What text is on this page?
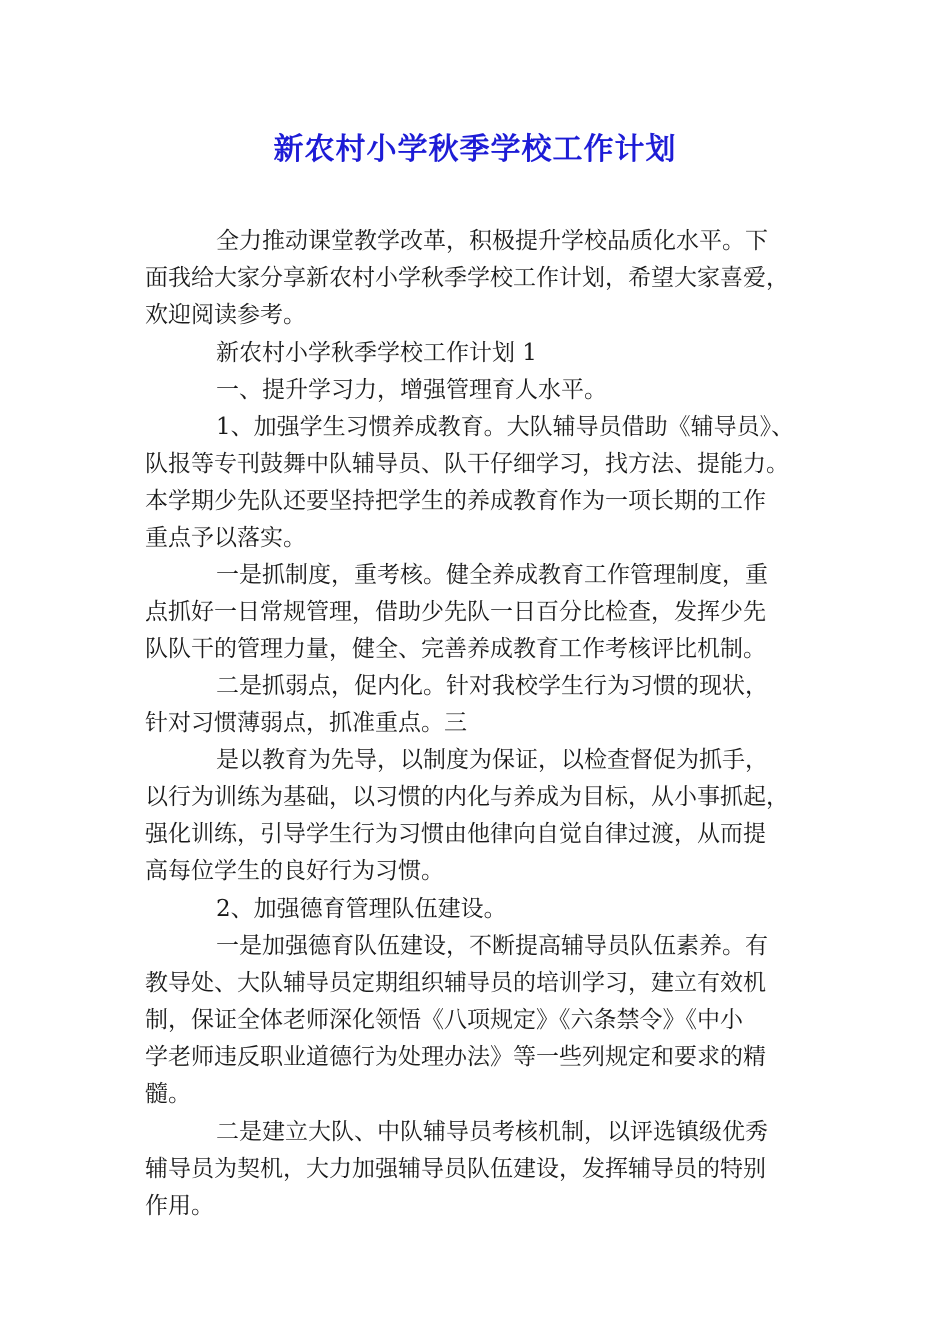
新农村小学秋季学校工作计划
全力推动课堂教学改革，积极提升学校品质化水平。下
面我给大家分享新农村小学秋季学校工作计划，希望大家喜爱，
欢迎阅读参考。
新农村小学秋季学校工作计划 1
一、提升学习力，增强管理育人水平。
1、加强学生习惯养成教育。大队辅导员借助《辅导员》、
队报等专刊鼓舞中队辅导员、队干仔细学习，找方法、提能力。
本学期少先队还要坚持把学生的养成教育作为一项长期的工作
重点予以落实。
一是抓制度，重考核。健全养成教育工作管理制度，重
点抓好一日常规管理，借助少先队一日百分比检查，发挥少先
队队干的管理力量，健全、完善养成教育工作考核评比机制。
二是抓弱点，促内化。针对我校学生行为习惯的现状，
针对习惯薄弱点，抓准重点。三
是以教育为先导，以制度为保证，以检查督促为抓手，
以行为训练为基础，以习惯的内化与养成为目标，从小事抓起，
强化训练，引导学生行为习惯由他律向自觉自律过渡，从而提
高每位学生的良好行为习惯。
2、加强德育管理队伍建设。
一是加强德育队伍建设，不断提高辅导员队伍素养。有
教导处、大队辅导员定期组织辅导员的培训学习，建立有效机
制，保证全体老师深化领悟《八项规定》《六条禁令》《中小
学老师违反职业道德行为处理办法》等一些列规定和要求的精
髓。
二是建立大队、中队辅导员考核机制，以评选镇级优秀
辅导员为契机，大力加强辅导员队伍建设，发挥辅导员的特别
作用。
